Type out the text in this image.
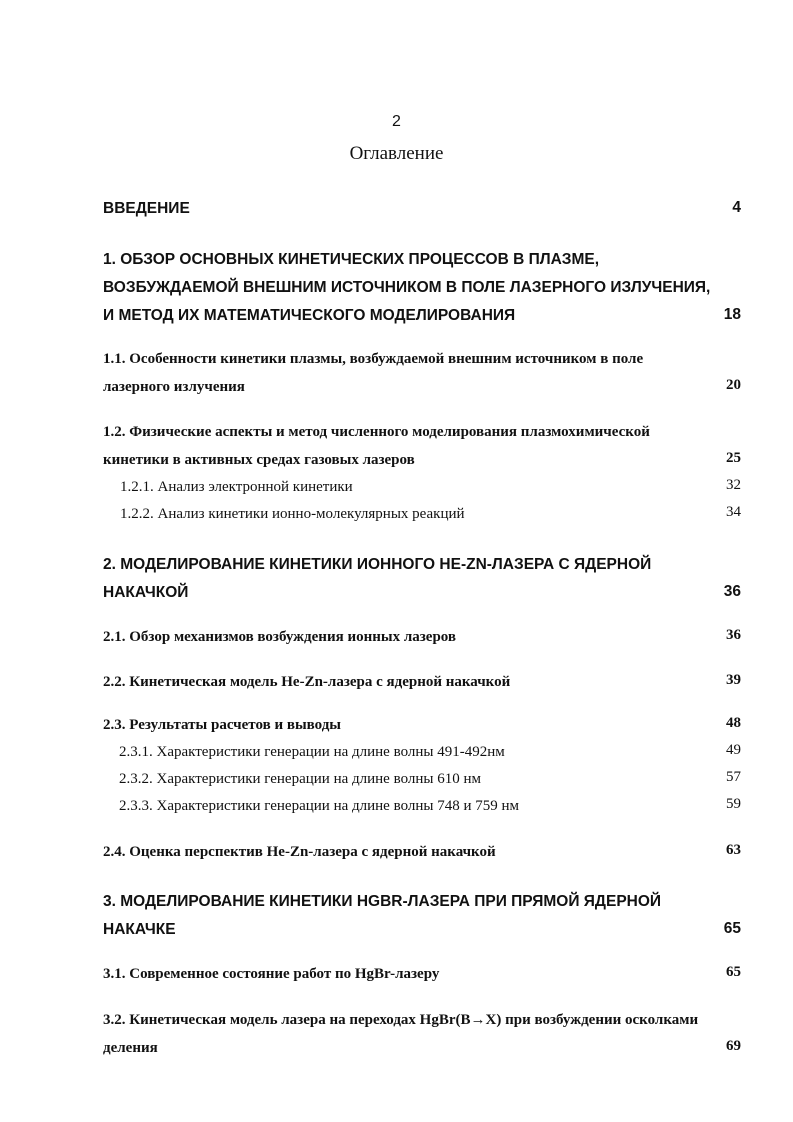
2
Оглавление
ВВЕДЕНИЕ	4
1. ОБЗОР ОСНОВНЫХ КИНЕТИЧЕСКИХ ПРОЦЕССОВ В ПЛАЗМЕ,
ВОЗБУЖДАЕМОЙ ВНЕШНИМ ИСТОЧНИКОМ В ПОЛЕ ЛАЗЕРНОГО ИЗЛУЧЕНИЯ,
И МЕТОД ИХ МАТЕМАТИЧЕСКОГО МОДЕЛИРОВАНИЯ	18
1.1. Особенности кинетики плазмы, возбуждаемой внешним источником в поле
лазерного излучения	20
1.2. Физические аспекты и метод численного моделирования плазмохимической
кинетики в активных средах газовых лазеров	25
1.2.1. Анализ электронной кинетики	32
1.2.2. Анализ кинетики ионно-молекулярных реакций	34
2. МОДЕЛИРОВАНИЕ КИНЕТИКИ ИОННОГО HE-ZN-ЛАЗЕРА С ЯДЕРНОЙ
НАКАЧКОЙ	36
2.1. Обзор механизмов возбуждения ионных лазеров	36
2.2. Кинетическая модель He-Zn-лазера с ядерной накачкой	39
2.3. Результаты расчетов и выводы	48
2.3.1. Характеристики генерации на длине волны 491-492нм	49
2.3.2. Характеристики генерации на длине волны 610 нм	57
2.3.3. Характеристики генерации на длине волны 748 и 759 нм	59
2.4. Оценка перспектив He-Zn-лазера с ядерной накачкой	63
3. МОДЕЛИРОВАНИЕ КИНЕТИКИ HGBR-ЛАЗЕРА ПРИ ПРЯМОЙ ЯДЕРНОЙ
НАКАЧКЕ	65
3.1. Современное состояние работ по HgBr-лазеру	65
3.2. Кинетическая модель лазера на переходах HgBr(B→X) при возбуждении осколками
деления	69
